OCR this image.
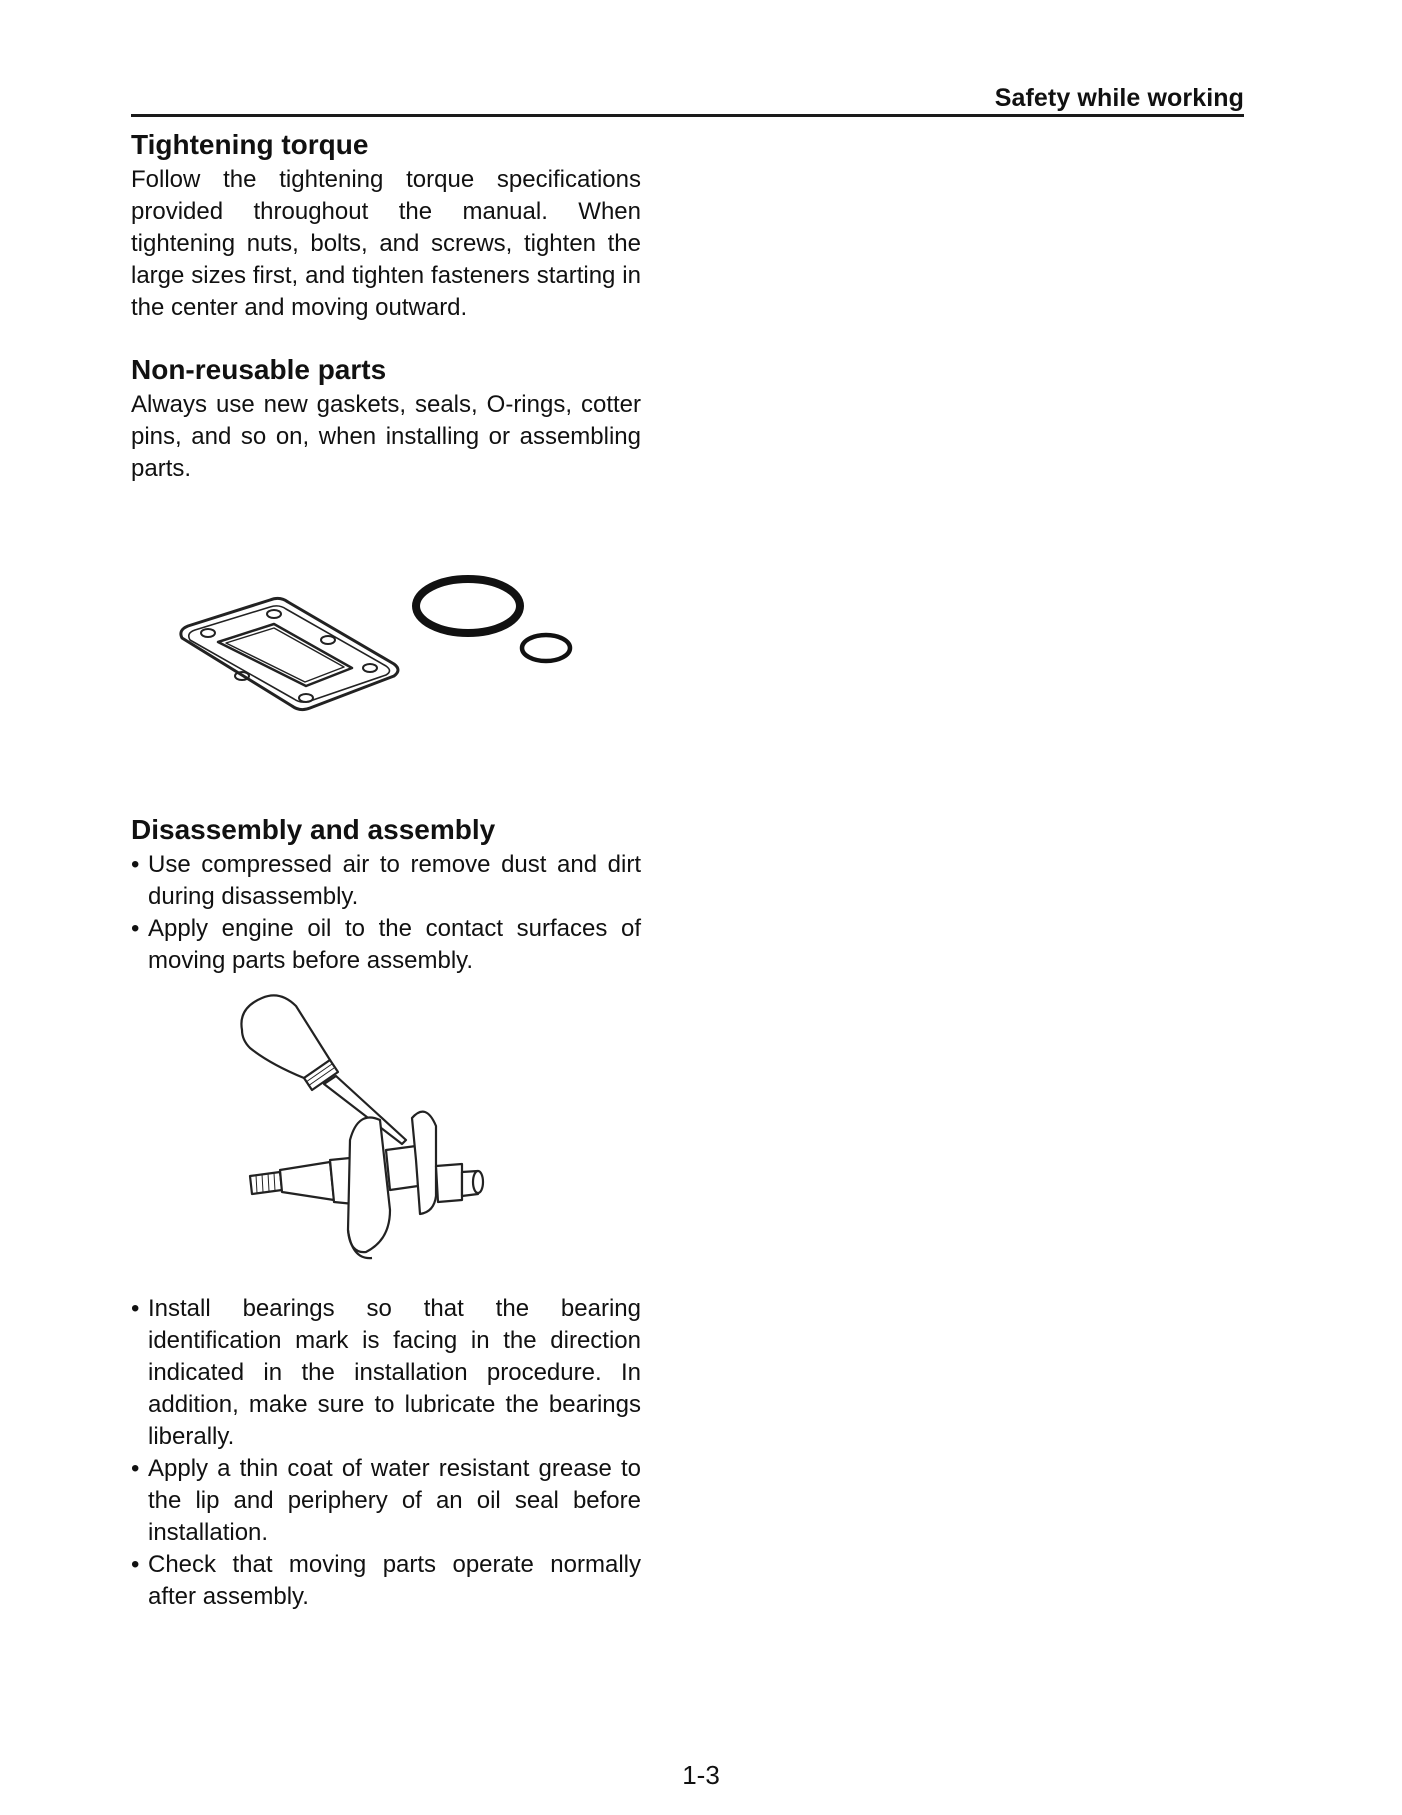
Safety while working
Tightening torque

Follow the tightening torque specifications provided throughout the manual. When tightening nuts, bolts, and screws, tighten the large sizes first, and tighten fasteners starting in the center and moving outward.

Non-reusable parts

Always use new gaskets, seals, O-rings, cotter pins, and so on, when installing or assembling parts.

Disassembly and assembly
• Use compressed air to remove dust and dirt during disassembly.
• Apply engine oil to the contact surfaces of moving parts before assembly.
• Install bearings so that the bearing identification mark is facing in the direction indicated in the installation procedure. In addition, make sure to lubricate the bearings liberally.
• Apply a thin coat of water resistant grease to the lip and periphery of an oil seal before installation.
• Check that moving parts operate normally after assembly.
1-3
